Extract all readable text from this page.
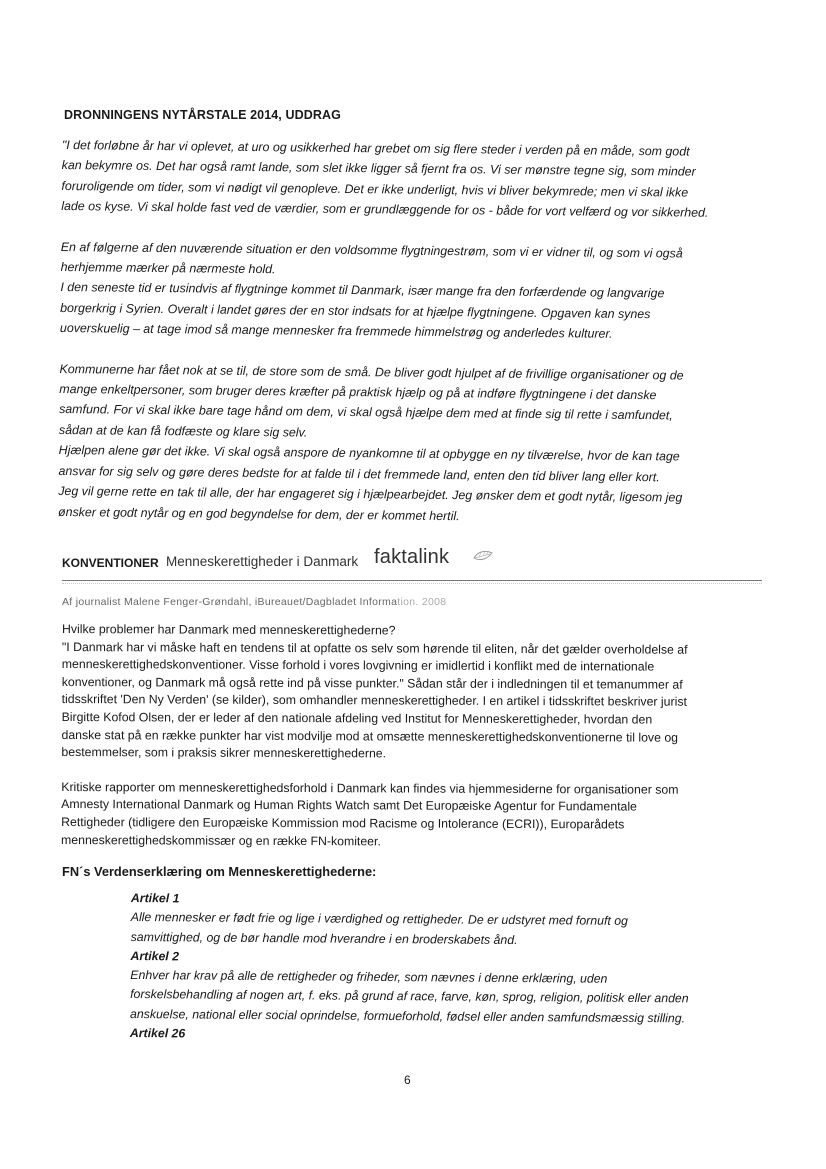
DRONNINGENS NYTÅRSTALE 2014, UDDRAG

"I det forløbne år har vi oplevet, at uro og usikkerhed har grebet om sig flere steder i verden på en måde, som godt

kan bekymre os. Det har også ramt lande, som slet ikke ligger så fjernt fra os. Vi ser mønstre tegne sig, som minder

foruroligende om tider, som vi nødigt vil genopleve. Det er ikke underligt, hvis vi bliver bekymrede; men vi skal ikke

lade os kyse. Vi skal holde fast ved de værdier, som er grundlæggende for os - både for vort velfærd og vor sikkerhed.

En af følgerne af den nuværende situation er den voldsomme flygtningestrøm, som vi er vidner til, og som vi også

herhjemme mærker på nærmeste hold.

I den seneste tid er tusindvis af flygtninge kommet til Danmark, især mange fra den forfærdende og langvarige

borgerkrig i Syrien. Overalt i landet gøres der en stor indsats for at hjælpe flygtningene. Opgaven kan synes

uoverskuelig – at tage imod så mange mennesker fra fremmede himmelstrøg og anderledes kulturer.

Kommunerne har fået nok at se til, de store som de små. De bliver godt hjulpet af de frivillige organisationer og de

mange enkeltpersoner, som bruger deres kræfter på praktisk hjælp og på at indføre flygtningene i det danske

samfund. For vi skal ikke bare tage hånd om dem, vi skal også hjælpe dem med at finde sig til rette i samfundet,

sådan at de kan få fodfæste og klare sig selv.

Hjælpen alene gør det ikke. Vi skal også anspore de nyankomne til at opbygge en ny tilværelse, hvor de kan tage

ansvar for sig selv og gøre deres bedste for at falde til i det fremmede land, enten den tid bliver lang eller kort.

Jeg vil gerne rette en tak til alle, der har engageret sig i hjælpearbejdet. Jeg ønsker dem et godt nytår, ligesom jeg

ønsker et godt nytår og en god begyndelse for dem, der er kommet hertil.

KONVENTIONER Menneskerettigheder i Danmark faktalink
Af journalist Malene Fenger-Grøndahl, iBureauet/Dagbladet Information. 2008

Hvilke problemer har Danmark med menneskerettighederne?

"I Danmark har vi måske haft en tendens til at opfatte os selv som hørende til eliten, når det gælder overholdelse af

menneskerettighedskonventioner. Visse forhold i vores lovgivning er imidlertid i konflikt med de internationale

konventioner, og Danmark må også rette ind på visse punkter." Sådan står der i indledningen til et temanummer af

tidsskriftet 'Den Ny Verden' (se kilder), som omhandler menneskerettigheder. I en artikel i tidsskriftet beskriver jurist

Birgitte Kofod Olsen, der er leder af den nationale afdeling ved Institut for Menneskerettigheder, hvordan den

danske stat på en række punkter har vist modvilje mod at omsætte menneskerettighedskonventionerne til love og

bestemmelser, som i praksis sikrer menneskerettighederne.

Kritiske rapporter om menneskerettighedsforhold i Danmark kan findes via hjemmesiderne for organisationer som

Amnesty International Danmark og Human Rights Watch samt Det Europæiske Agentur for Fundamentale

Rettigheder (tidligere den Europæiske Kommission mod Racisme og Intolerance (ECRI)), Europarådets

menneskerettighedskommissær og en række FN-komiteer.

FN´s Verdenserklæring om Menneskerettighederne:

Artikel 1

Alle mennesker er født frie og lige i værdighed og rettigheder. De er udstyret med fornuft og

samvittighed, og de bør handle mod hverandre i en broderskabets ånd.

Artikel 2

Enhver har krav på alle de rettigheder og friheder, som nævnes i denne erklæring, uden

forskelsbehandling af nogen art, f. eks. på grund af race, farve, køn, sprog, religion, politisk eller anden

anskuelse, national eller social oprindelse, formueforhold, fødsel eller anden samfundsmæssig stilling.

Artikel 26

6
